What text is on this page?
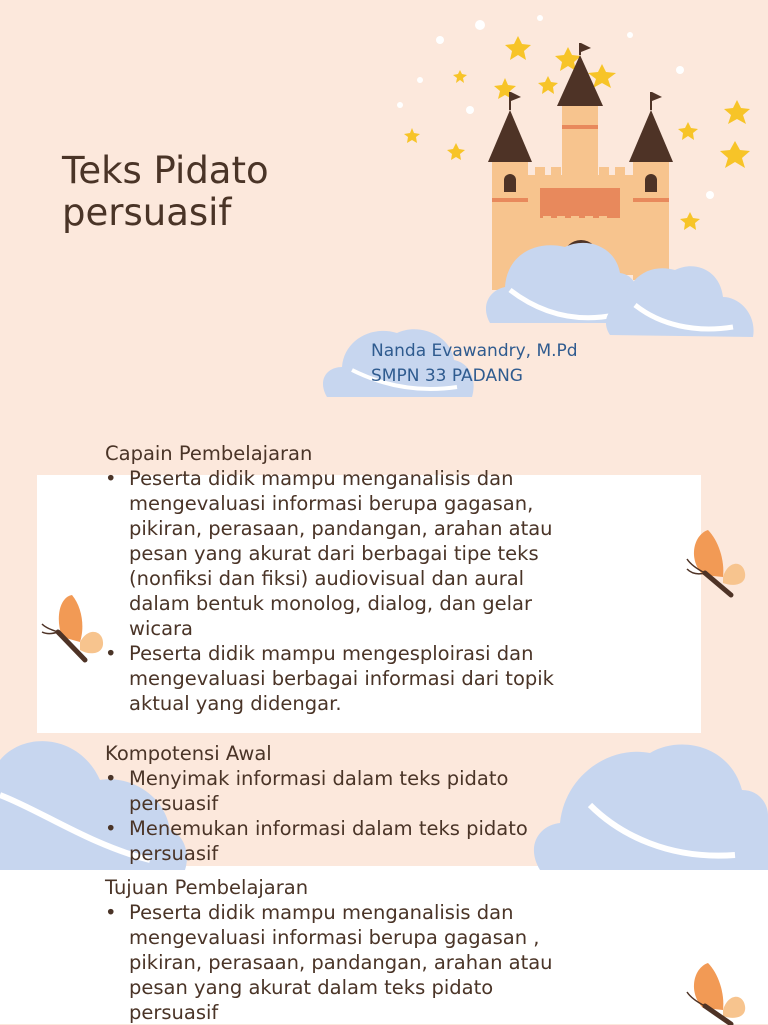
Teks Pidato
persuasif
Nanda Evawandry, M.Pd
SMPN 33 PADANG
Capain Pembelajaran
• Peserta didik mampu menganalisis dan mengevaluasi informasi berupa gagasan, pikiran, perasaan, pandangan, arahan atau pesan yang akurat dari berbagai tipe teks (nonfiksi dan fiksi) audiovisual dan aural dalam bentuk monolog, dialog, dan gelar wicara
• Peserta didik mampu mengesploirasi dan mengevaluasi berbagai informasi dari topik aktual yang didengar.
Kompotensi Awal
• Menyimak informasi dalam teks pidato persuasif
• Menemukan informasi dalam teks pidato persuasif
Tujuan Pembelajaran
• Peserta didik mampu menganalisis dan mengevaluasi informasi berupa gagasan , pikiran, perasaan, pandangan, arahan atau pesan yang akurat dalam teks pidato persuasif
